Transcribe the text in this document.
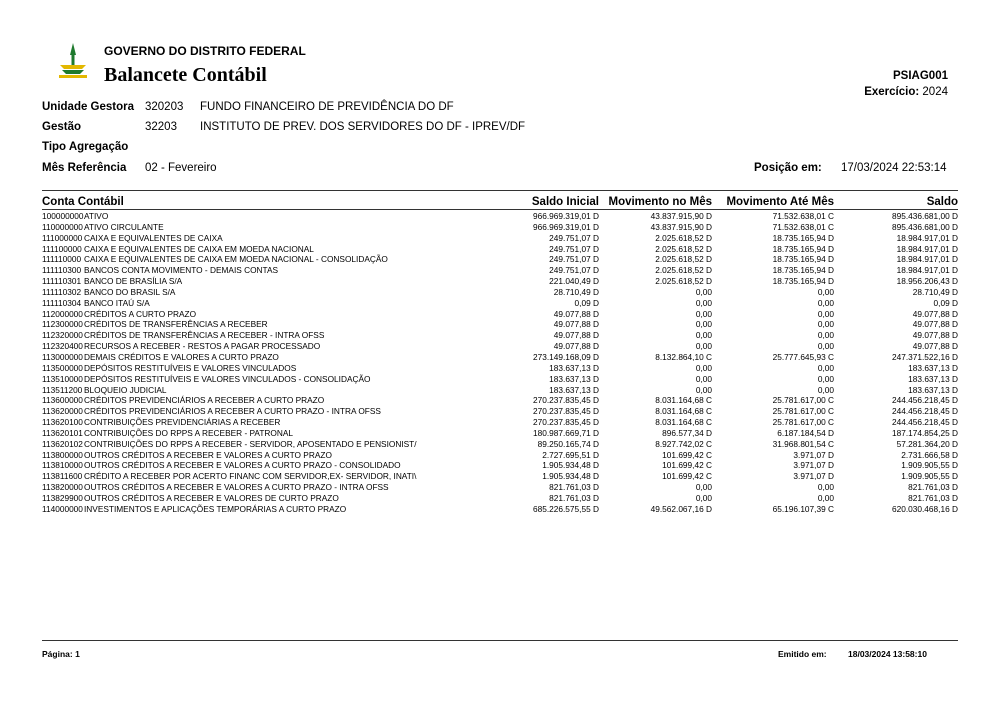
GOVERNO DO DISTRITO FEDERAL
Balancete Contábil	PSIAG001
Exercício: 2024
Unidade Gestora 320203 FUNDO FINANCEIRO DE PREVIDÊNCIA DO DF
Gestão	32203 INSTITUTO DE PREV. DOS SERVIDORES DO DF - IPREV/DF
Tipo Agregação
Mês Referência 02 - Fevereiro	Posição em: 17/03/2024 22:53:14
Conta Contábil	Saldo Inicial Movimento no Mês	Movimento Até Mês	Saldo
100000000	ATIVO	966.969.319,01 D	43.837.915,90 D	71.532.638,01 C	895.436.681,00 D
110000000	ATIVO CIRCULANTE	966.969.319,01 D	43.837.915,90 D	71.532.638,01 C	895.436.681,00 D
111000000	CAIXA E EQUIVALENTES DE CAIXA	249.751,07 D	2.025.618,52 D	18.735.165,94 D	18.984.917,01 D
111100000	CAIXA E EQUIVALENTES DE CAIXA EM MOEDA NACIONAL	249.751,07 D	2.025.618,52 D	18.735.165,94 D	18.984.917,01 D
111110000	CAIXA E EQUIVALENTES DE CAIXA EM MOEDA NACIONAL - CONSOLIDAÇÃO	249.751,07 D	2.025.618,52 D	18.735.165,94 D	18.984.917,01 D
111110300	BANCOS CONTA MOVIMENTO - DEMAIS CONTAS	249.751,07 D	2.025.618,52 D	18.735.165,94 D	18.984.917,01 D
111110301	BANCO DE BRASÍLIA S/A	221.040,49 D	2.025.618,52 D	18.735.165,94 D	18.956.206,43 D
111110302	BANCO DO BRASIL S/A	28.710,49 D	0,00	0,00	28.710,49 D
111110304	BANCO ITAÚ S/A	0,09 D	0,00	0,00	0,09 D
112000000	CRÉDITOS A CURTO PRAZO	49.077,88 D	0,00	0,00	49.077,88 D
112300000	CRÉDITOS DE TRANSFERÊNCIAS A RECEBER	49.077,88 D	0,00	0,00	49.077,88 D
112320000	CRÉDITOS DE TRANSFERÊNCIAS A RECEBER - INTRA OFSS	49.077,88 D	0,00	0,00	49.077,88 D
112320400	RECURSOS A RECEBER - RESTOS A PAGAR PROCESSADO	49.077,88 D	0,00	0,00	49.077,88 D
113000000	DEMAIS CRÉDITOS E VALORES A CURTO PRAZO	273.149.168,09 D	8.132.864,10 C	25.777.645,93 C	247.371.522,16 D
113500000	DEPÓSITOS RESTITUÍVEIS E VALORES VINCULADOS	183.637,13 D	0,00	0,00	183.637,13 D
113510000	DEPÓSITOS RESTITUÍVEIS E VALORES VINCULADOS - CONSOLIDAÇÃO	183.637,13 D	0,00	0,00	183.637,13 D
113511200	BLOQUEIO JUDICIAL	183.637,13 D	0,00	0,00	183.637,13 D
113600000	CRÉDITOS PREVIDENCIÁRIOS A RECEBER A CURTO PRAZO	270.237.835,45 D	8.031.164,68 C	25.781.617,00 C	244.456.218,45 D
113620000	CRÉDITOS PREVIDENCIÁRIOS A RECEBER A CURTO PRAZO - INTRA OFSS	270.237.835,45 D	8.031.164,68 C	25.781.617,00 C	244.456.218,45 D
113620100	CONTRIBUIÇÕES PREVIDENCIÁRIAS A RECEBER	270.237.835,45 D	8.031.164,68 C	25.781.617,00 C	244.456.218,45 D
113620101	CONTRIBUIÇÕES DO RPPS A RECEBER - PATRONAL	180.987.669,71 D	896.577,34 D	6.187.184,54 D	187.174.854,25 D
113620102	CONTRIBUIÇÕES DO RPPS A RECEBER - SERVIDOR, APOSENTADO E PENSIONIST/	89.250.165,74 D	8.927.742,02 C	31.968.801,54 C	57.281.364,20 D
113800000	OUTROS CRÉDITOS A RECEBER E VALORES A CURTO PRAZO	2.727.695,51 D	101.699,42 C	3.971,07 D	2.731.666,58 D
113810000	OUTROS CRÉDITOS A RECEBER E VALORES A CURTO PRAZO - CONSOLIDADO	1.905.934,48 D	101.699,42 C	3.971,07 D	1.909.905,55 D
113811600	CRÉDITO A RECEBER POR ACERTO FINANC COM SERVIDOR,EX- SERVIDOR, INATI\	1.905.934,48 D	101.699,42 C	3.971,07 D	1.909.905,55 D
113820000	OUTROS CRÉDITOS A RECEBER E VALORES A CURTO PRAZO - INTRA OFSS	821.761,03 D	0,00	0,00	821.761,03 D
113829900	OUTROS CRÉDITOS A RECEBER E VALORES DE CURTO PRAZO	821.761,03 D	0,00	0,00	821.761,03 D
114000000	INVESTIMENTOS E APLICAÇÕES TEMPORÁRIAS A CURTO PRAZO	685.226.575,55 D	49.562.067,16 D	65.196.107,39 C	620.030.468,16 D
Página: 1	Emitido em:	18/03/2024 13:58:10
